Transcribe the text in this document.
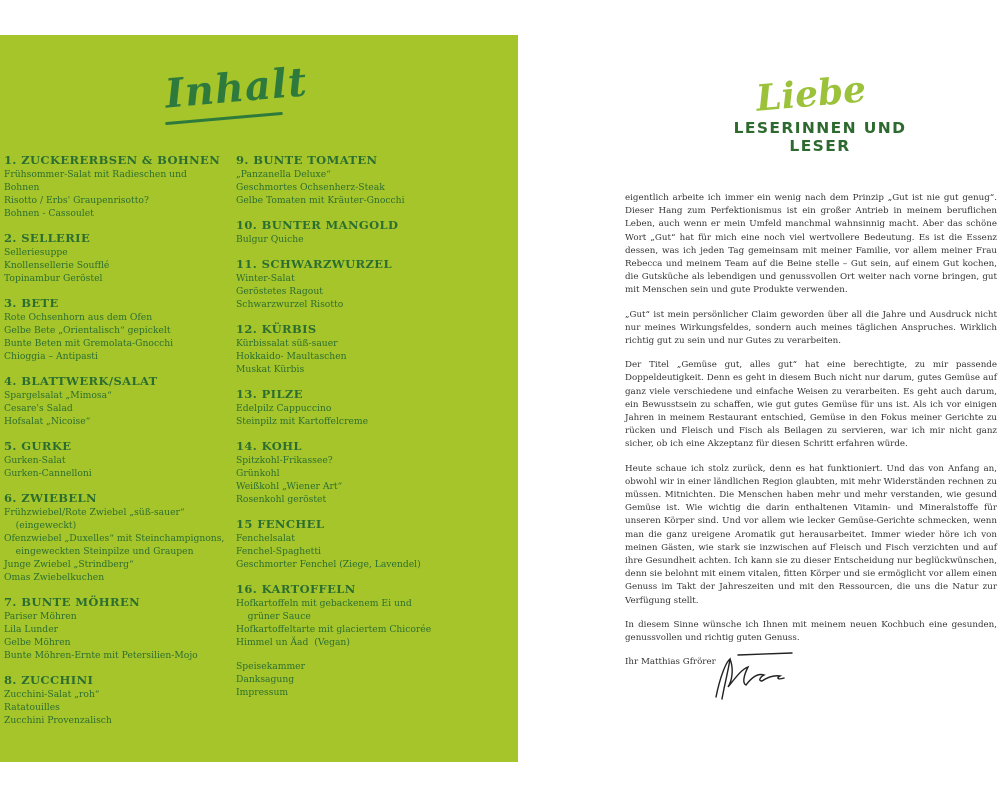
Inhalt
1. ZUCKERERBSEN & BOHNEN
Frühsommer-Salat mit Radieschen und
Bohnen
Risotto / Erbs' Graupenrisotto?
Bohnen - Cassoulet
2. SELLERIE
Selleriesuppe
Knollensellerie Soufflé
Topinambur Geröstel
3. BETE
Rote Ochsenhorn aus dem Ofen
Gelbe Bete „Orientalisch“ gepickelt
Bunte Beten mit Gremolata-Gnocchi
Chioggia – Antipasti
4. BLATTWERK/SALAT
Spargelsalat „Mimosa“
Cesare's Salad
Hofsalat „Nicoise“
5. GURKE
Gurken-Salat
Gurken-Cannelloni
6. ZWIEBELN
Frühzwiebel/Rote Zwiebel „süß-sauer“
(eingeweckt)
Ofenzwiebel „Duxelles“ mit Steinchampignons,
eingeweckten Steinpilze und Graupen
Junge Zwiebel „Strindberg“
Omas Zwiebelkuchen
7. BUNTE MÖHREN
Pariser Möhren
Lila Lunder
Gelbe Möhren
Bunte Möhren-Ernte mit Petersilien-Mojo
8. ZUCCHINI
Zucchini-Salat „roh“
Ratatouilles
Zucchini Provenzalisch
9. BUNTE TOMATEN
„Panzanella Deluxe“
Geschmortes Ochsenherz-Steak
Gelbe Tomaten mit Kräuter-Gnocchi
10. BUNTER MANGOLD
Bulgur Quiche
11. SCHWARZWURZEL
Winter-Salat
Geröstetes Ragout
Schwarzwurzel Risotto
12. KÜRBIS
Kürbissalat süß-sauer
Hokkaido- Maultaschen
Muskat Kürbis
13. PILZE
Edelpilz Cappuccino
Steinpilz mit Kartoffelcreme
14. KOHL
Spitzkohl-Frikassee?
Grünkohl
Weißkohl „Wiener Art“
Rosenkohl geröstet
15 FENCHEL
Fenchelsalat
Fenchel-Spaghetti
Geschmorter Fenchel (Ziege, Lavendel)
16. KARTOFFELN
Hofkartoffeln mit gebackenem Ei und
grüner Sauce
Hofkartoffeltarte mit glaciertem Chicorée
Himmel un Äad  (Vegan)
Speisekammer
Danksagung
Impressum
Liebe
LESERINNEN UND LESER

eigentlich arbeite ich immer ein wenig nach dem Prinzip „Gut ist nie gut genug“. Dieser Hang zum Perfektionismus ist ein großer Antrieb in meinem beruflichen Leben, auch wenn er mein Umfeld manchmal wahnsinnig macht. Aber das schöne Wort „Gut“ hat für mich eine noch viel wertvollere Bedeutung. Es ist die Essenz dessen, was ich jeden Tag gemeinsam mit meiner Familie, vor allem meiner Frau Rebecca und meinem Team auf die Beine stelle – Gut sein, auf einem Gut kochen, die Gutsküche als lebendigen und genussvollen Ort weiter nach vorne bringen, gut mit Menschen sein und gute Produkte verwenden.

„Gut“ ist mein persönlicher Claim geworden über all die Jahre und Ausdruck nicht nur meines Wirkungsfeldes, sondern auch meines täglichen Anspruches. Wirklich richtig gut zu sein und nur Gutes zu verarbeiten.

Der Titel „Gemüse gut, alles gut“ hat eine berechtigte, zu mir passende Doppeldeutigkeit. Denn es geht in diesem Buch nicht nur darum, gutes Gemüse auf ganz viele verschiedene und einfache Weisen zu verarbeiten. Es geht auch darum, ein Bewusstsein zu schaffen, wie gut gutes Gemüse für uns ist. Als ich vor einigen Jahren in meinem Restaurant entschied, Gemüse in den Fokus meiner Gerichte zu rücken und Fleisch und Fisch als Beilagen zu servieren, war ich mir nicht ganz sicher, ob ich eine Akzeptanz für diesen Schritt erfahren würde.

Heute schaue ich stolz zurück, denn es hat funktioniert. Und das von Anfang an, obwohl wir in einer ländlichen Region glaubten, mit mehr Widerständen rechnen zu müssen. Mitnichten. Die Menschen haben mehr und mehr verstanden, wie gesund Gemüse ist. Wie wichtig die darin enthaltenen Vitamin- und Mineralstoffe für unseren Körper sind. Und vor allem wie lecker Gemüse-Gerichte schmecken, wenn man die ganz ureigene Aromatik gut herausarbeitet. Immer wieder höre ich von meinen Gästen, wie stark sie inzwischen auf Fleisch und Fisch verzichten und auf ihre Gesundheit achten. Ich kann sie zu dieser Entscheidung nur beglückwünschen, denn sie belohnt mit einem vitalen, fitten Körper und sie ermöglicht vor allem einen Genuss im Takt der Jahreszeiten und mit den Ressourcen, die uns die Natur zur Verfügung stellt.

In diesem Sinne wünsche ich Ihnen mit meinem neuen Kochbuch eine gesunden, genussvollen und richtig guten Genuss.

Ihr Matthias Gfrörer
